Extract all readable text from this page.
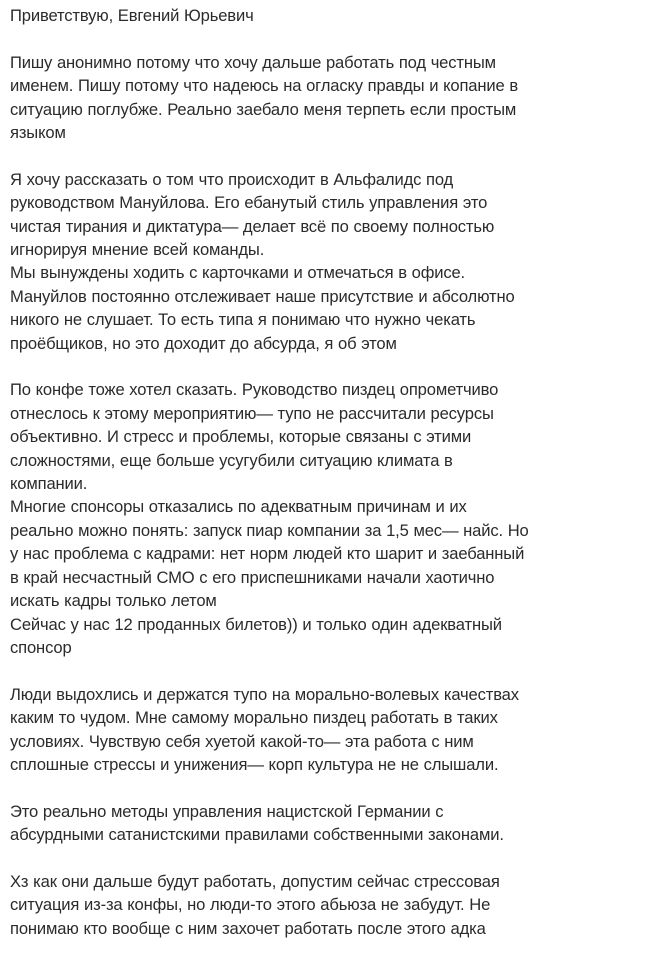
Приветствую, Евгений Юрьевич
Пишу анонимно потому что хочу дальше работать под честным
именем. Пишу потому что надеюсь на огласку правды и копание в
ситуацию поглубже. Реально заебало меня терпеть если простым
языком
Я хочу рассказать о том что происходит в Альфалидс под
руководством Мануйлова. Его ебанутый стиль управления это
чистая тирания и диктатура— делает всё по своему полностью
игнорируя мнение всей команды.
Мы вынуждены ходить с карточками и отмечаться в офисе.
Мануйлов постоянно отслеживает наше присутствие и абсолютно
никого не слушает. То есть типа я понимаю что нужно чекать
проёбщиков, но это доходит до абсурда, я об этом
По конфе тоже хотел сказать. Руководство пиздец опрометчиво
отнеслось к этому мероприятию— тупо не рассчитали ресурсы
объективно. И стресс и проблемы, которые связаны с этими
сложностями, еще больше усугубили ситуацию климата в
компании.
Многие спонсоры отказались по адекватным причинам и их
реально можно понять: запуск пиар компании за 1,5 мес— найс. Но
у нас проблема с кадрами: нет норм людей кто шарит и заебанный
в край несчастный СМО с его приспешниками начали хаотично
искать кадры только летом
Сейчас у нас 12 проданных билетов)) и только один адекватный
спонсор
Люди выдохлись и держатся тупо на морально-волевых качествах
каким то чудом. Мне самому морально пиздец работать в таких
условиях. Чувствую себя хуетой какой-то— эта работа с ним
сплошные стрессы и унижения— корп культура не не слышали.
Это реально методы управления нацистской Германии с
абсурдными сатанистскими правилами собственными законами.
Хз как они дальше будут работать, допустим сейчас стрессовая
ситуация из-за конфы, но люди-то этого абьюза не забудут. Не
понимаю кто вообще с ним захочет работать после этого адка
